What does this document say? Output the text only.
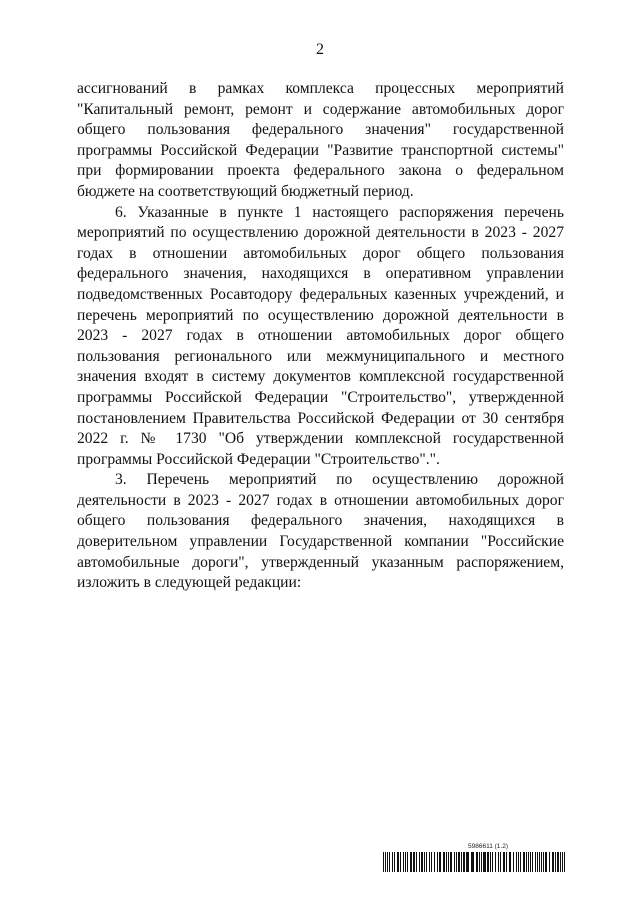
2

ассигнований в рамках комплекса процессных мероприятий "Капитальный ремонт, ремонт и содержание автомобильных дорог общего пользования федерального значения" государственной программы Российской Федерации "Развитие транспортной системы" при формировании проекта федерального закона о федеральном бюджете на соответствующий бюджетный период.

6. Указанные в пункте 1 настоящего распоряжения перечень мероприятий по осуществлению дорожной деятельности в 2023 - 2027 годах в отношении автомобильных дорог общего пользования федерального значения, находящихся в оперативном управлении подведомственных Росавтодору федеральных казенных учреждений, и перечень мероприятий по осуществлению дорожной деятельности в 2023 - 2027 годах в отношении автомобильных дорог общего пользования регионального или межмуниципального и местного значения входят в систему документов комплексной государственной программы Российской Федерации "Строительство", утвержденной постановлением Правительства Российской Федерации от 30 сентября 2022 г. № 1730 "Об утверждении комплексной государственной программы Российской Федерации "Строительство".".

3. Перечень мероприятий по осуществлению дорожной деятельности в 2023 - 2027 годах в отношении автомобильных дорог общего пользования федерального значения, находящихся в доверительном управлении Государственной компании "Российские автомобильные дороги", утвержденный указанным распоряжением, изложить в следующей редакции:

5986611 (1.2)
